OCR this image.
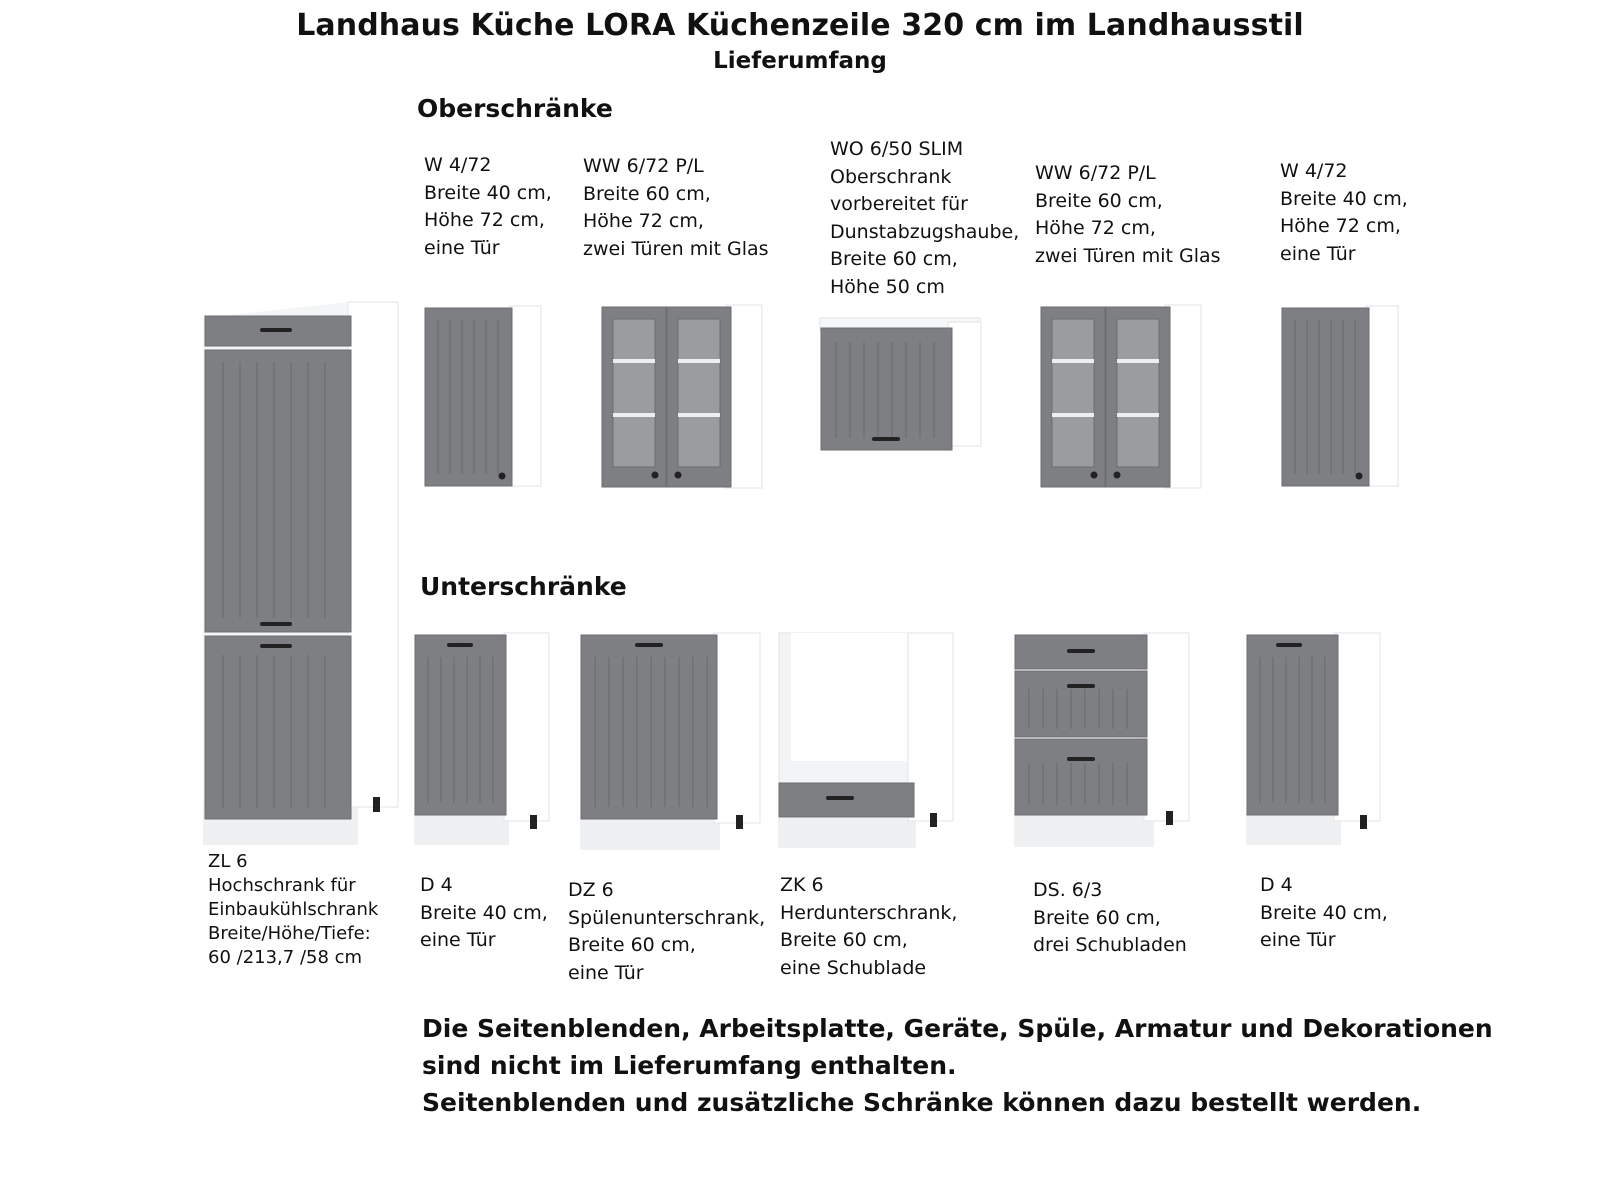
Landhaus Küche LORA Küchenzeile 320 cm im Landhausstil
Lieferumfang
Oberschränke
Unterschränke
W 4/72
Breite 40 cm,
Höhe 72 cm,
eine Tür
WW 6/72 P/L
Breite 60 cm,
Höhe 72 cm,
zwei Türen mit Glas
WO 6/50 SLIM
Oberschrank
vorbereitet für
Dunstabzugshaube,
Breite 60 cm,
Höhe 50 cm
WW 6/72 P/L
Breite 60 cm,
Höhe 72 cm,
zwei Türen mit Glas
W 4/72
Breite 40 cm,
Höhe 72 cm,
eine Tür
ZL 6
Hochschrank für
Einbaukühlschrank
Breite/Höhe/Tiefe:
60 /213,7 /58 cm
D 4
Breite 40 cm,
eine Tür
DZ 6
Spülenunterschrank,
Breite 60 cm,
eine Tür
ZK 6
Herdunterschrank,
Breite 60 cm,
eine Schublade
DS. 6/3
Breite 60 cm,
drei Schubladen
D 4
Breite 40 cm,
eine Tür
Die Seitenblenden, Arbeitsplatte, Geräte, Spüle, Armatur und Dekorationen
sind nicht im Lieferumfang enthalten.
Seitenblenden und zusätzliche Schränke können dazu bestellt werden.
